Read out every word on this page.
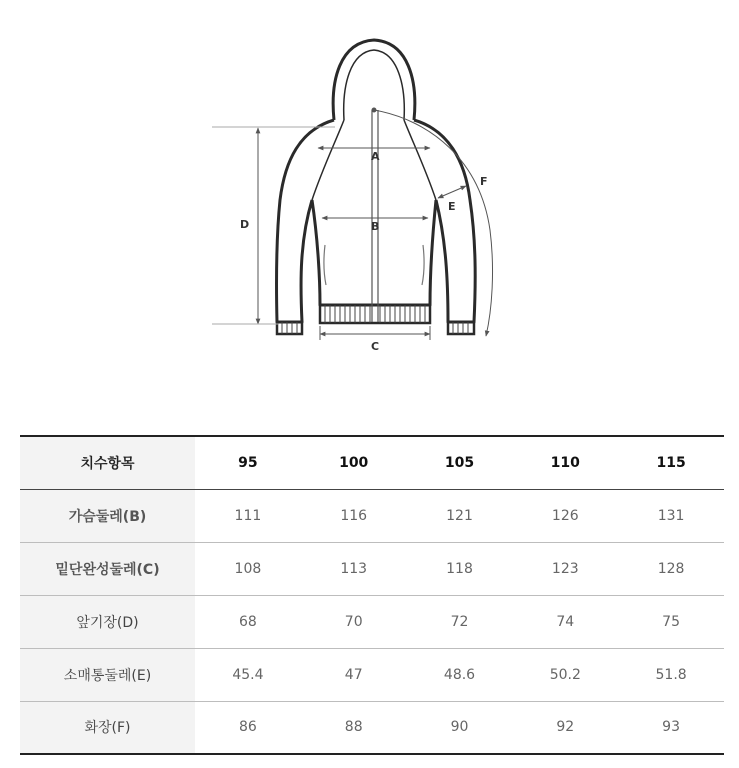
A
B
C
D
E
F
치수항목	95	100	105	110	115
가슴둘레(B)	111	116	121	126	131
밑단완성둘레(C)	108	113	118	123	128
앞기장(D)	68	70	72	74	75
소매통둘레(E)	45.4	47	48.6	50.2	51.8
화장(F)	86	88	90	92	93
